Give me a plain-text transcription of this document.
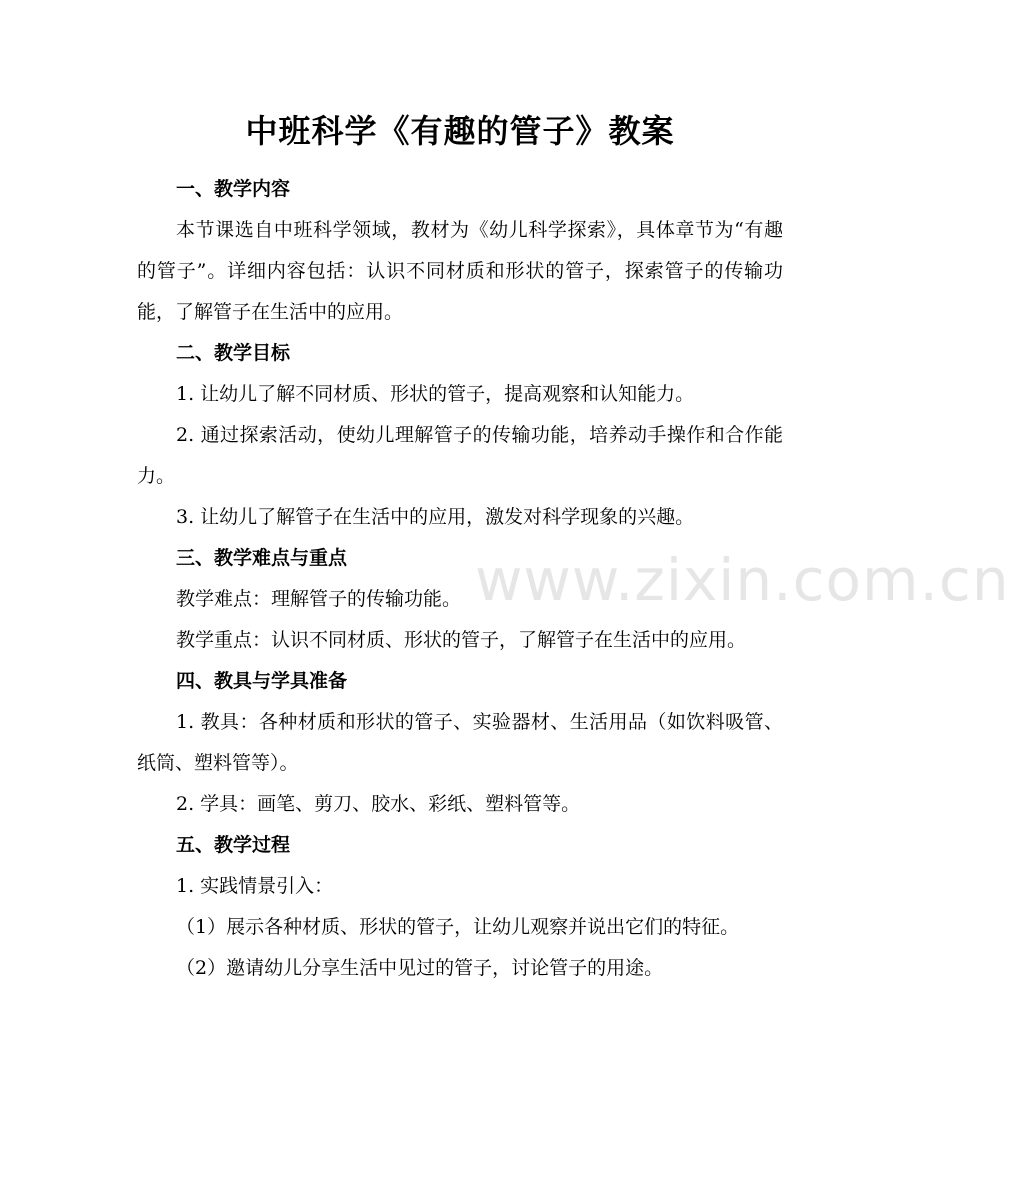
中班科学《有趣的管子》教案
一、教学内容

本节课选自中班科学领域，教材为《幼儿科学探索》，具体章节为“有趣的管子”。详细内容包括：认识不同材质和形状的管子，探索管子的传输功能，了解管子在生活中的应用。

二、教学目标

1. 让幼儿了解不同材质、形状的管子，提高观察和认知能力。

2. 通过探索活动，使幼儿理解管子的传输功能，培养动手操作和合作能力。

3. 让幼儿了解管子在生活中的应用，激发对科学现象的兴趣。

三、教学难点与重点

教学难点：理解管子的传输功能。

教学重点：认识不同材质、形状的管子，了解管子在生活中的应用。

四、教具与学具准备

1. 教具：各种材质和形状的管子、实验器材、生活用品（如饮料吸管、纸筒、塑料管等）。

2. 学具：画笔、剪刀、胶水、彩纸、塑料管等。

五、教学过程

1. 实践情景引入：

（1）展示各种材质、形状的管子，让幼儿观察并说出它们的特征。

（2）邀请幼儿分享生活中见过的管子，讨论管子的用途。

www.zixin.com.cn
